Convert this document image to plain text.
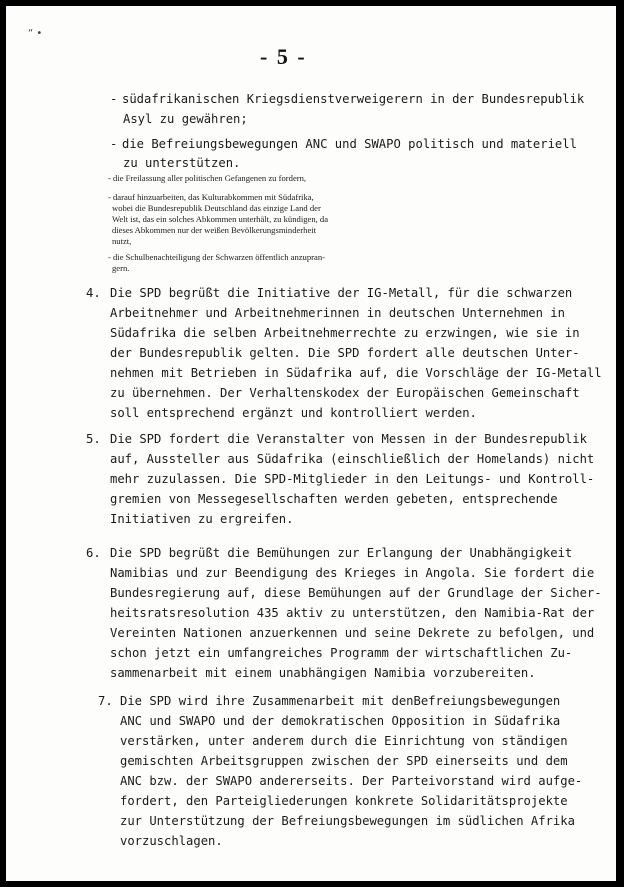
“ •
- 5 -
- südafrikanischen Kriegsdienstverweigerern in der Bundesrepublik
Asyl zu gewähren;
- die Befreiungsbewegungen ANC und SWAPO politisch und materiell
zu unterstützen.
- die Freilassung aller politischen Gefangenen zu fordern,
- darauf hinzuarbeiten, das Kulturabkommen mit Südafrika,
wobei die Bundesrepublik Deutschland das einzige Land der
Welt ist, das ein solches Abkommen unterhält, zu kündigen, da
dieses Abkommen nur der weißen Bevölkerungsminderheit
nutzt,
- die Schulbenachteiligung der Schwarzen öffentlich anzupran-
gern.
4. Die SPD begrüßt die Initiative der IG-Metall, für die schwarzen
Arbeitnehmer und Arbeitnehmerinnen in deutschen Unternehmen in
Südafrika die selben Arbeitnehmerrechte zu erzwingen, wie sie in
der Bundesrepublik gelten. Die SPD fordert alle deutschen Unter-
nehmen mit Betrieben in Südafrika auf, die Vorschläge der IG-Metall
zu übernehmen. Der Verhaltenskodex der Europäischen Gemeinschaft
soll entsprechend ergänzt und kontrolliert werden.
5. Die SPD fordert die Veranstalter von Messen in der Bundesrepublik
auf, Aussteller aus Südafrika (einschließlich der Homelands) nicht
mehr zuzulassen. Die SPD-Mitglieder in den Leitungs- und Kontroll-
gremien von Messegesellschaften werden gebeten, entsprechende
Initiativen zu ergreifen.
6. Die SPD begrüßt die Bemühungen zur Erlangung der Unabhängigkeit
Namibias und zur Beendigung des Krieges in Angola. Sie fordert die
Bundesregierung auf, diese Bemühungen auf der Grundlage der Sicher-
heitsratsresolution 435 aktiv zu unterstützen, den Namibia-Rat der
Vereinten Nationen anzuerkennen und seine Dekrete zu befolgen, und
schon jetzt ein umfangreiches Programm der wirtschaftlichen Zu-
sammenarbeit mit einem unabhängigen Namibia vorzubereiten.
7. Die SPD wird ihre Zusammenarbeit mit denBefreiungsbewegungen
ANC und SWAPO und der demokratischen Opposition in Südafrika
verstärken, unter anderem durch die Einrichtung von ständigen
gemischten Arbeitsgruppen zwischen der SPD einerseits und dem
ANC bzw. der SWAPO andererseits. Der Parteivorstand wird aufge-
fordert, den Parteigliederungen konkrete Solidaritätsprojekte
zur Unterstützung der Befreiungsbewegungen im südlichen Afrika
vorzuschlagen.
